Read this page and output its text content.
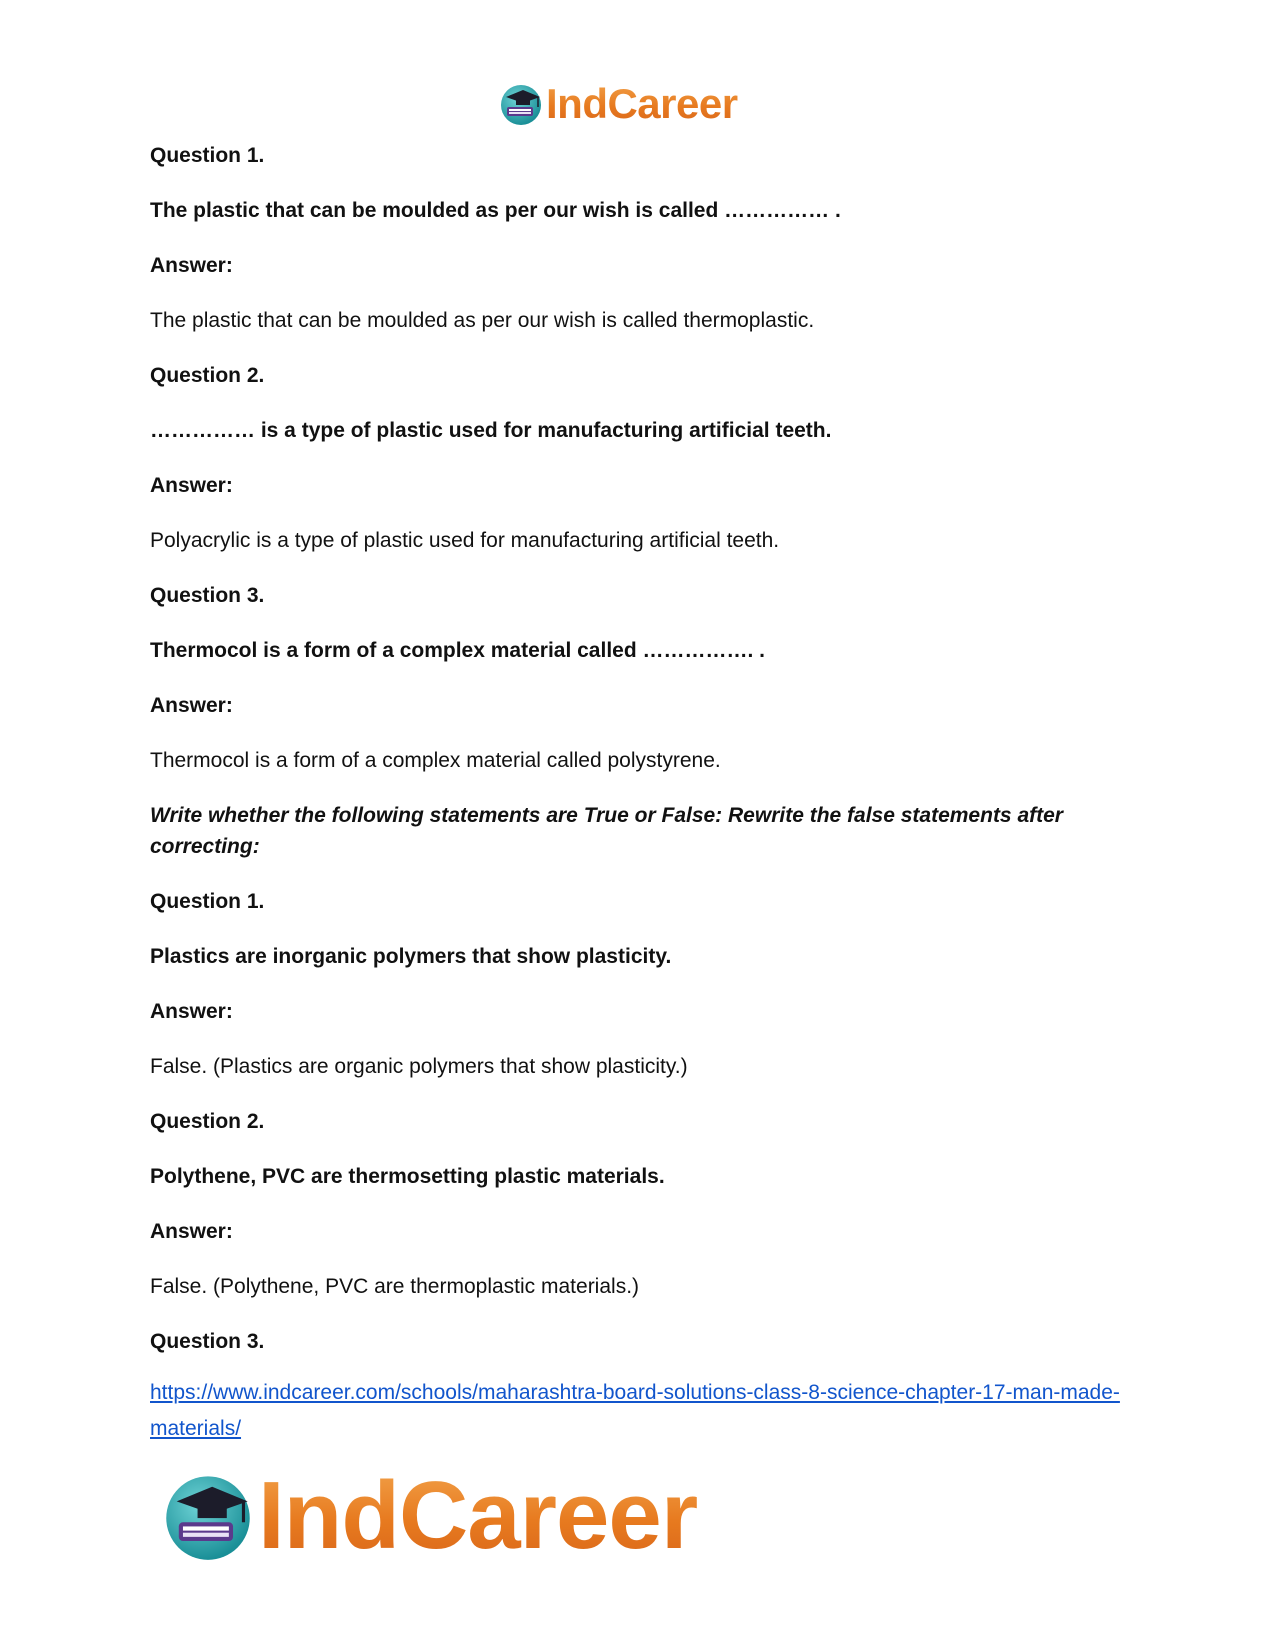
IndCareer

Question 1.

The plastic that can be moulded as per our wish is called …………… .

Answer:

The plastic that can be moulded as per our wish is called thermoplastic.

Question 2.

…………… is a type of plastic used for manufacturing artificial teeth.

Answer:

Polyacrylic is a type of plastic used for manufacturing artificial teeth.

Question 3.

Thermocol is a form of a complex material called ……………. .

Answer:

Thermocol is a form of a complex material called polystyrene.

Write whether the following statements are True or False: Rewrite the false statements after correcting:

Question 1.

Plastics are inorganic polymers that show plasticity.

Answer:

False. (Plastics are organic polymers that show plasticity.)

Question 2.

Polythene, PVC are thermosetting plastic materials.

Answer:

False. (Polythene, PVC are thermoplastic materials.)

Question 3.

https://www.indcareer.com/schools/maharashtra-board-solutions-class-8-science-chapter-17-man-made-materials/
IndCareer
